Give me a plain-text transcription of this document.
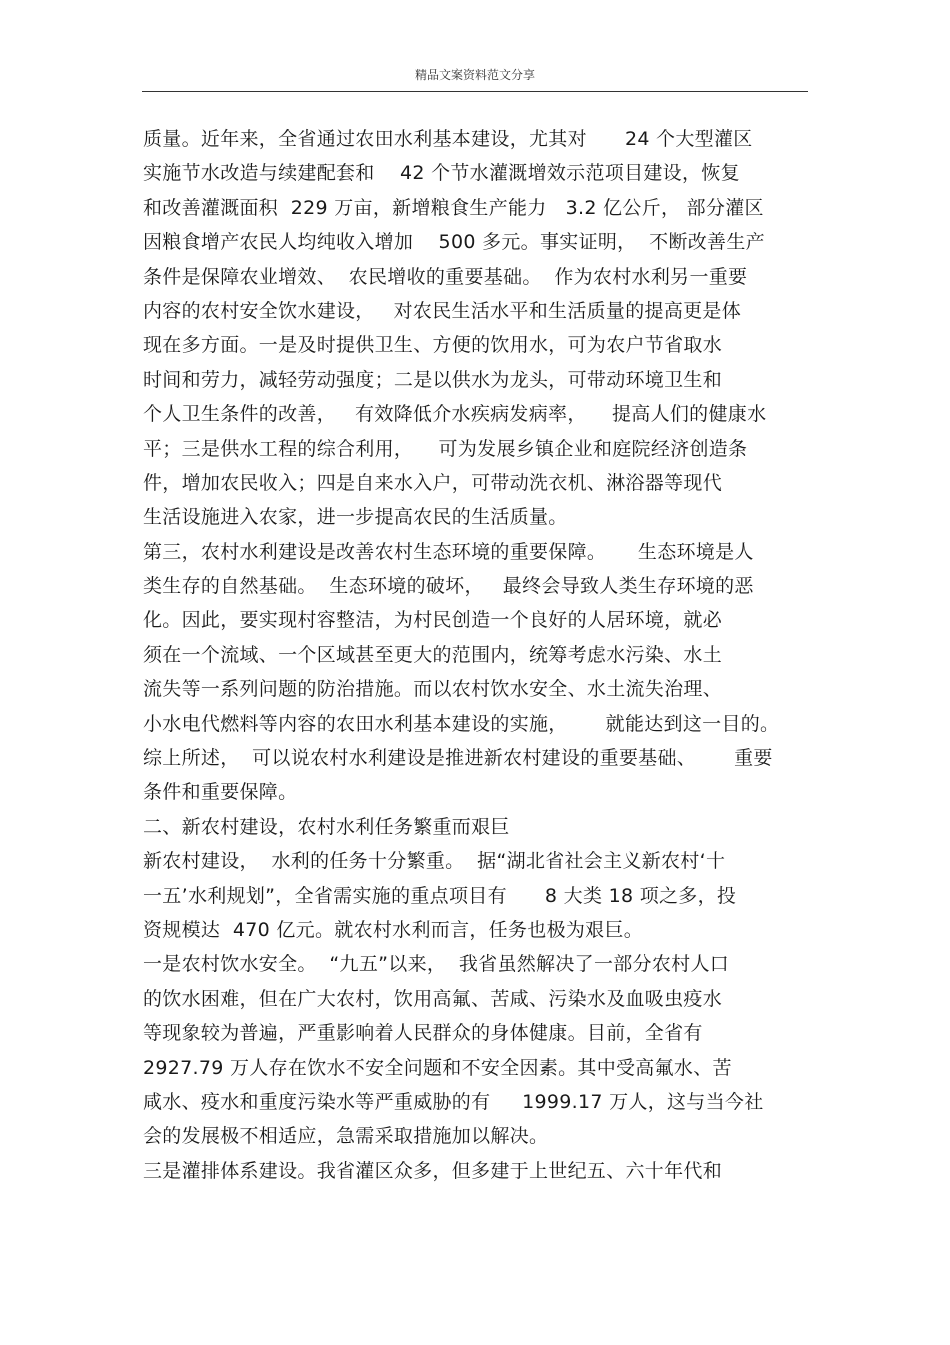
精品文案资料范文分享
质量。近年来，全省通过农田水利基本建设，尤其对      24 个大型灌区
实施节水改造与续建配套和    42 个节水灌溉增效示范项目建设，恢复
和改善灌溉面积  229 万亩，新增粮食生产能力   3.2 亿公斤， 部分灌区
因粮食增产农民人均纯收入增加    500 多元。事实证明，  不断改善生产
条件是保障农业增效、  农民增收的重要基础。  作为农村水利另一重要
内容的农村安全饮水建设，   对农民生活水平和生活质量的提高更是体
现在多方面。一是及时提供卫生、方便的饮用水，可为农户节省取水
时间和劳力，减轻劳动强度；二是以供水为龙头，可带动环境卫生和
个人卫生条件的改善，   有效降低介水疾病发病率，    提高人们的健康水
平；三是供水工程的综合利用，    可为发展乡镇企业和庭院经济创造条
件，增加农民收入；四是自来水入户，可带动洗衣机、淋浴器等现代
生活设施进入农家，进一步提高农民的生活质量。
第三，农村水利建设是改善农村生态环境的重要保障。     生态环境是人
类生存的自然基础。  生态环境的破坏，   最终会导致人类生存环境的恶
化。因此，要实现村容整洁，为村民创造一个良好的人居环境，就必
须在一个流域、一个区域甚至更大的范围内，统筹考虑水污染、水土
流失等一系列问题的防治措施。而以农村饮水安全、水土流失治理、
小水电代燃料等内容的农田水利基本建设的实施，      就能达到这一目的。
综上所述，  可以说农村水利建设是推进新农村建设的重要基础、      重要
条件和重要保障。
二、新农村建设，农村水利任务繁重而艰巨
新农村建设，  水利的任务十分繁重。  据“湖北省社会主义新农村‘十
一五’水利规划”，全省需实施的重点项目有      8 大类 18 项之多，投
资规模达  470 亿元。就农村水利而言，任务也极为艰巨。
一是农村饮水安全。  “九五”以来，  我省虽然解决了一部分农村人口
的饮水困难，但在广大农村，饮用高氟、苦咸、污染水及血吸虫疫水
等现象较为普遍，严重影响着人民群众的身体健康。目前，全省有
2927.79 万人存在饮水不安全问题和不安全因素。其中受高氟水、苦
咸水、疫水和重度污染水等严重威胁的有     1999.17 万人，这与当今社
会的发展极不相适应，急需采取措施加以解决。
三是灌排体系建设。我省灌区众多，但多建于上世纪五、六十年代和
